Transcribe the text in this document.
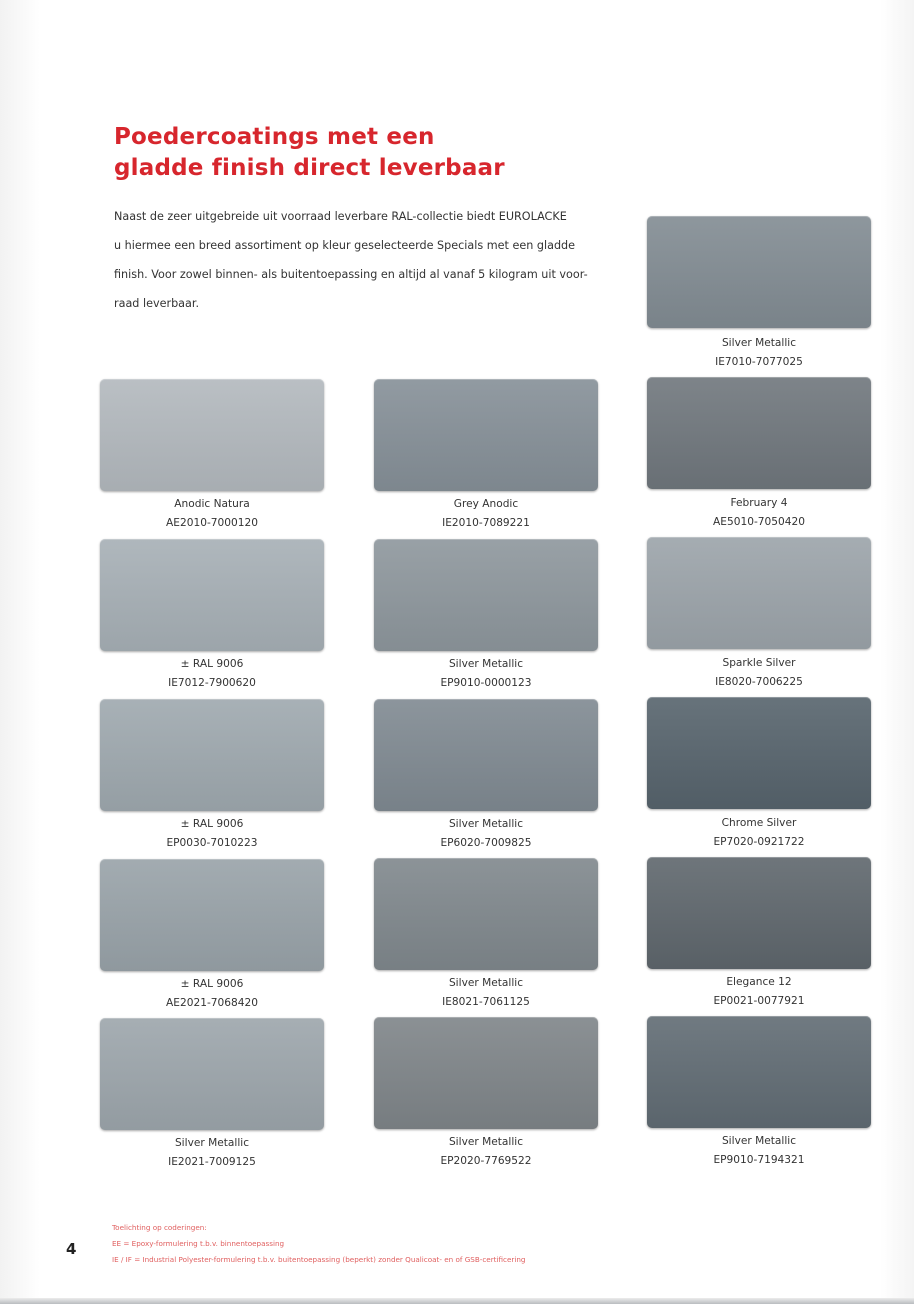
Poedercoatings met een
gladde finish direct leverbaar
Naast de zeer uitgebreide uit voorraad leverbare RAL-collectie biedt EUROLACKE
u hiermee een breed assortiment op kleur geselecteerde Specials met een gladde
finish. Voor zowel binnen- als buitentoepassing en altijd al vanaf 5 kilogram uit voor-
raad leverbaar.
Silver Metallic
IE7010-7077025
Anodic Natura
AE2010-7000120
Grey Anodic
IE2010-7089221
February 4
AE5010-7050420
± RAL 9006
IE7012-7900620
Silver Metallic
EP9010-0000123
Sparkle Silver
IE8020-7006225
± RAL 9006
EP0030-7010223
Silver Metallic
EP6020-7009825
Chrome Silver
EP7020-0921722
± RAL 9006
AE2021-7068420
Silver Metallic
IE8021-7061125
Elegance 12
EP0021-0077921
Silver Metallic
IE2021-7009125
Silver Metallic
EP2020-7769522
Silver Metallic
EP9010-7194321
Toelichting op coderingen:
EE = Epoxy-formulering t.b.v. binnentoepassing
IE / IF = Industrial Polyester-formulering t.b.v. buitentoepassing (beperkt) zonder Qualicoat- en of GSB-certificering
4
